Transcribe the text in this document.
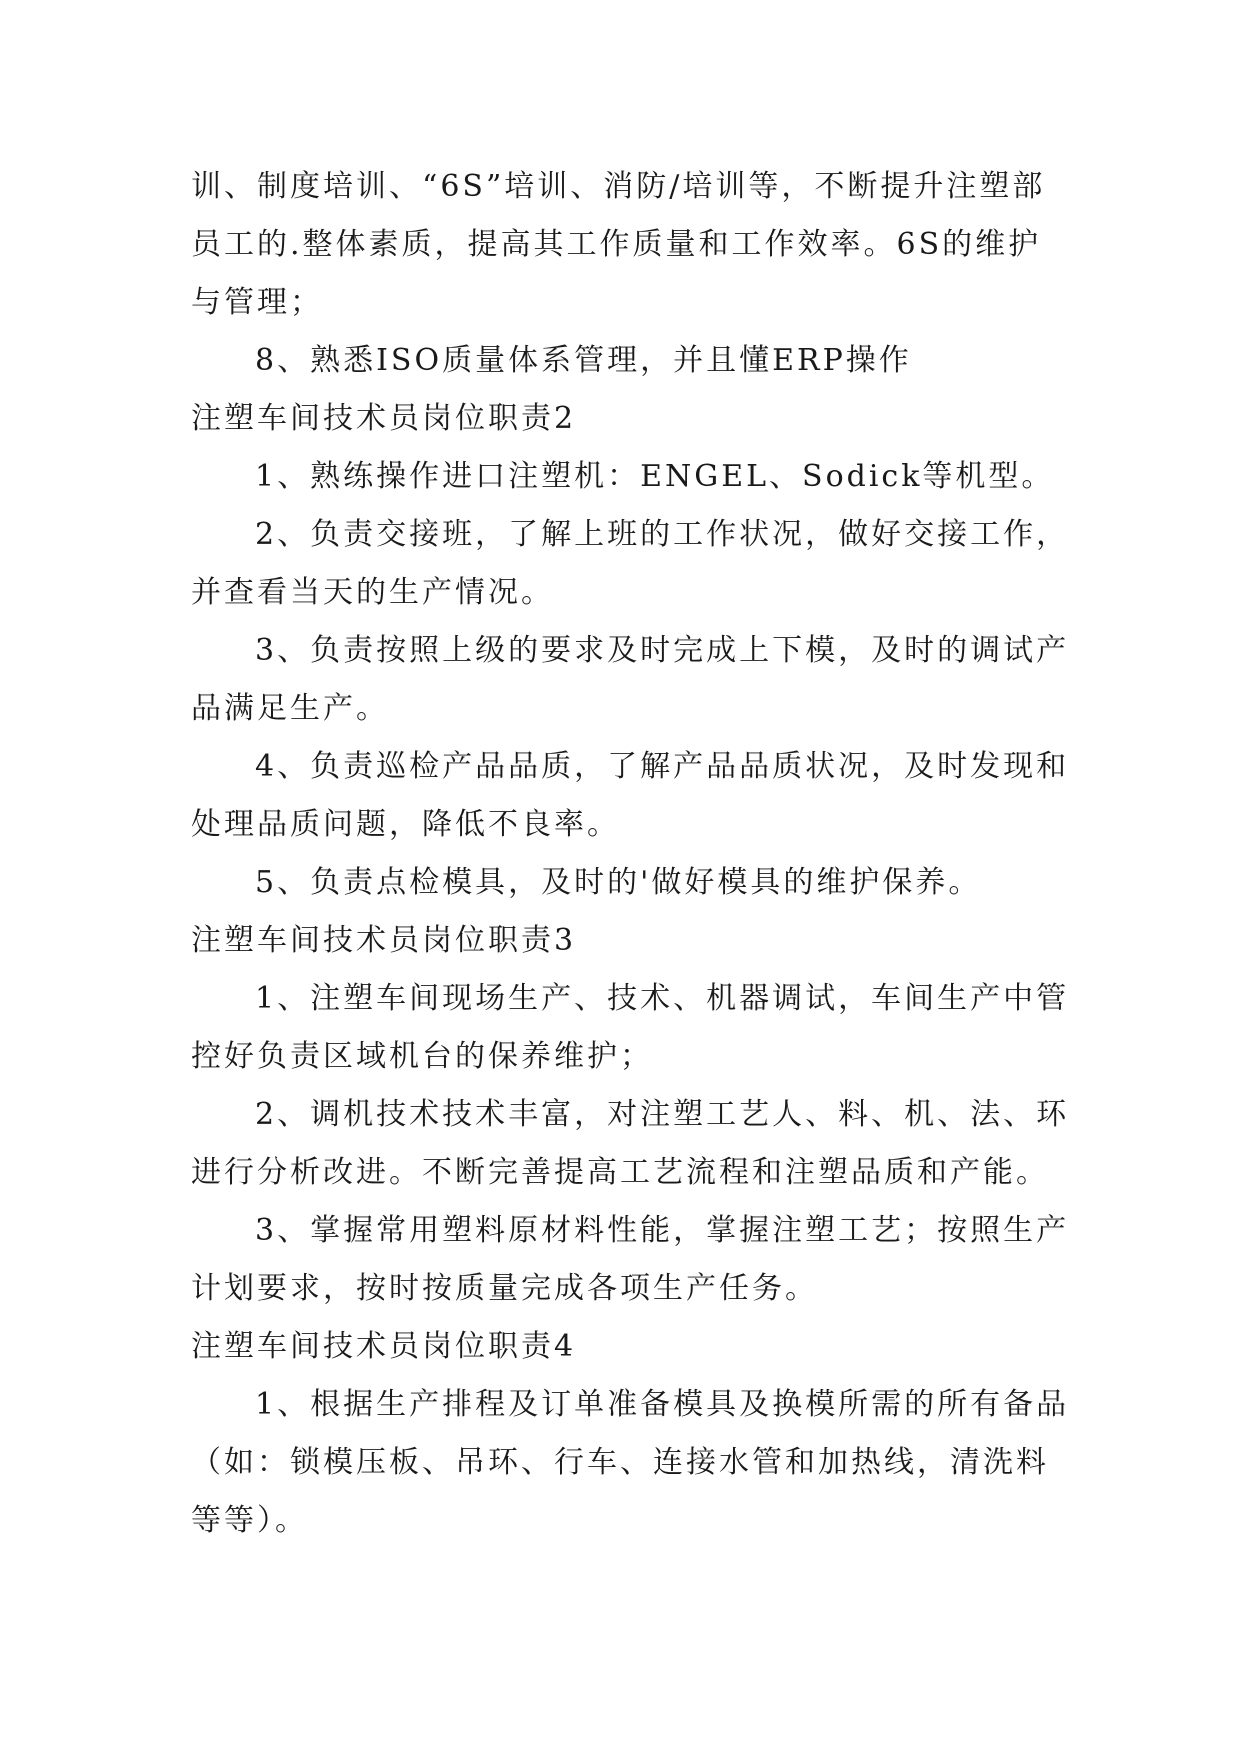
训、制度培训、“6S”培训、消防/培训等，不断提升注塑部员工的.整体素质，提高其工作质量和工作效率。6S的维护与管理；

8、熟悉ISO质量体系管理，并且懂ERP操作

注塑车间技术员岗位职责2

1、熟练操作进口注塑机：ENGEL、Sodick等机型。

2、负责交接班，了解上班的工作状况，做好交接工作，并查看当天的生产情况。

3、负责按照上级的要求及时完成上下模，及时的调试产品满足生产。

4、负责巡检产品品质，了解产品品质状况，及时发现和处理品质问题，降低不良率。

5、负责点检模具，及时的'做好模具的维护保养。

注塑车间技术员岗位职责3

1、注塑车间现场生产、技术、机器调试，车间生产中管控好负责区域机台的保养维护；

2、调机技术技术丰富，对注塑工艺人、料、机、法、环进行分析改进。不断完善提高工艺流程和注塑品质和产能。

3、掌握常用塑料原材料性能，掌握注塑工艺；按照生产计划要求，按时按质量完成各项生产任务。

注塑车间技术员岗位职责4

1、根据生产排程及订单准备模具及换模所需的所有备品（如：锁模压板、吊环、行车、连接水管和加热线，清洗料等等）。
